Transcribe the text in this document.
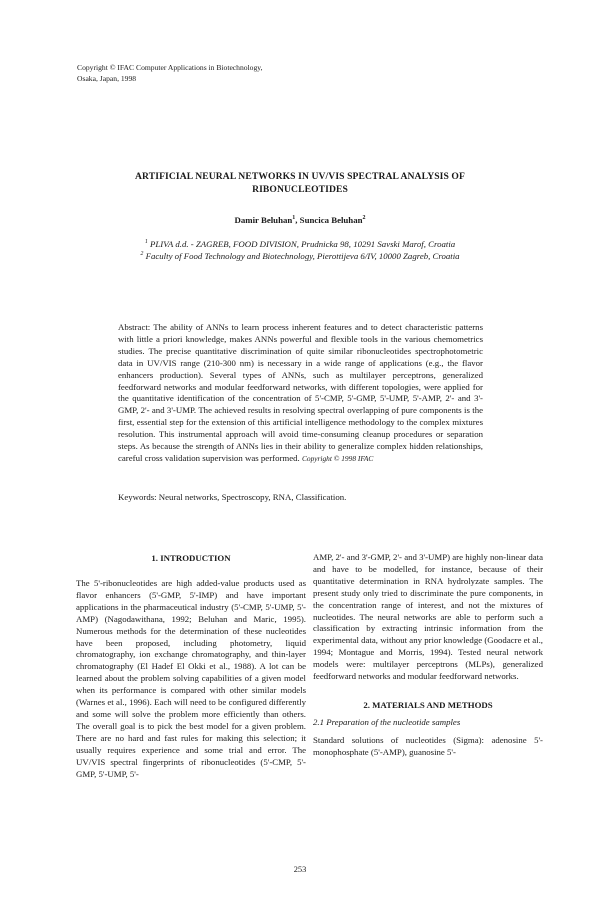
Copyright © IFAC Computer Applications in Biotechnology,
Osaka, Japan, 1998
ARTIFICIAL NEURAL NETWORKS IN UV/VIS SPECTRAL ANALYSIS OF RIBONUCLEOTIDES
Damir Beluhan$^1$, Suncica Beluhan$^2$
$^1$ PLIVA d.d. - ZAGREB, FOOD DIVISION, Prudnicka 98, 10291 Savski Marof, Croatia
$^2$ Faculty of Food Technology and Biotechnology, Pierottijeva 6/IV, 10000 Zagreb, Croatia
Abstract: The ability of ANNs to learn process inherent features and to detect characteristic patterns with little a priori knowledge, makes ANNs powerful and flexible tools in the various chemometrics studies. The precise quantitative discrimination of quite similar ribonucleotides spectrophotometric data in UV/VIS range (210-300 nm) is necessary in a wide range of applications (e.g., the flavor enhancers production). Several types of ANNs, such as multilayer perceptrons, generalized feedforward networks and modular feedforward networks, with different topologies, were applied for the quantitative identification of the concentration of 5'-CMP, 5'-GMP, 5'-UMP, 5'-AMP, 2'- and 3'-GMP, 2'- and 3'-UMP. The achieved results in resolving spectral overlapping of pure components is the first, essential step for the extension of this artificial intelligence methodology to the complex mixtures resolution. This instrumental approach will avoid time-consuming cleanup procedures or separation steps. As because the strength of ANNs lies in their ability to generalize complex hidden relationships, careful cross validation supervision was performed. Copyright © 1998 IFAC
Keywords: Neural networks, Spectroscopy, RNA, Classification.
1. INTRODUCTION

The 5'-ribonucleotides are high added-value products used as flavor enhancers (5'-GMP, 5'-IMP) and have important applications in the pharmaceutical industry (5'-CMP, 5'-UMP, 5'-AMP) (Nagodawithana, 1992; Beluhan and Maric, 1995). Numerous methods for the determination of these nucleotides have been proposed, including photometry, liquid chromatography, ion exchange chromatography, and thin-layer chromatography (El Hadef El Okki et al., 1988). A lot can be learned about the problem solving capabilities of a given model when its performance is compared with other similar models (Warnes et al., 1996). Each will need to be configured differently and some will solve the problem more efficiently than others. The overall goal is to pick the best model for a given problem. There are no hard and fast rules for making this selection; it usually requires experience and some trial and error. The UV/VIS spectral fingerprints of ribonucleotides (5'-CMP, 5'-GMP, 5'-UMP, 5'-

AMP, 2'- and 3'-GMP, 2'- and 3'-UMP) are highly non-linear data and have to be modelled, for instance, because of their quantitative determination in RNA hydrolyzate samples. The present study only tried to discriminate the pure components, in the concentration range of interest, and not the mixtures of nucleotides. The neural networks are able to perform such a classification by extracting intrinsic information from the experimental data, without any prior knowledge (Goodacre et al., 1994; Montague and Morris, 1994). Tested neural network models were: multilayer perceptrons (MLPs), generalized feedforward networks and modular feedforward networks.

2. MATERIALS AND METHODS
2.1 Preparation of the nucleotide samples

Standard solutions of nucleotides (Sigma): adenosine 5'-monophosphate (5'-AMP), guanosine 5'-

253
